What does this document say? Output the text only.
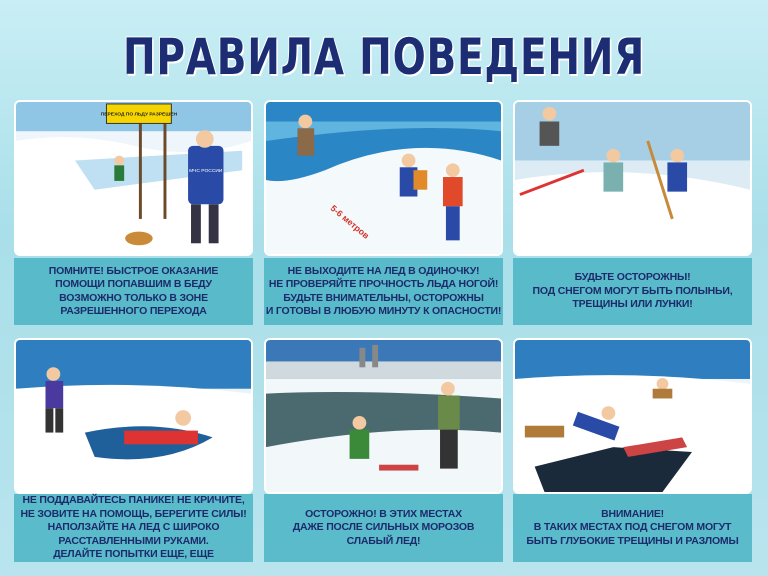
ПРАВИЛА ПОВЕДЕНИЯ
ПЕРЕХОД ПО ЛЬДУ РАЗРЕШЕН
МЧС РОССИИ
ПОМНИТЕ! БЫСТРОЕ ОКАЗАНИЕ
ПОМОЩИ ПОПАВШИМ В БЕДУ
ВОЗМОЖНО ТОЛЬКО В ЗОНЕ
РАЗРЕШЕННОГО ПЕРЕХОДА
5-6 метров
НЕ ВЫХОДИТЕ НА ЛЕД В ОДИНОЧКУ!
НЕ ПРОВЕРЯЙТЕ ПРОЧНОСТЬ ЛЬДА НОГОЙ!
БУДЬТЕ ВНИМАТЕЛЬНЫ, ОСТОРОЖНЫ
И ГОТОВЫ В ЛЮБУЮ МИНУТУ К ОПАСНОСТИ!
БУДЬТЕ ОСТОРОЖНЫ!
ПОД СНЕГОМ МОГУТ БЫТЬ ПОЛЫНЬИ,
ТРЕЩИНЫ ИЛИ ЛУНКИ!
НЕ ПОДДАВАЙТЕСЬ ПАНИКЕ! НЕ КРИЧИТЕ,
НЕ ЗОВИТЕ НА ПОМОЩЬ, БЕРЕГИТЕ СИЛЫ!
НАПОЛЗАЙТЕ НА ЛЕД С ШИРОКО
РАССТАВЛЕННЫМИ РУКАМИ.
ДЕЛАЙТЕ ПОПЫТКИ ЕЩЕ, ЕЩЕ
ОСТОРОЖНО! В ЭТИХ МЕСТАХ
ДАЖЕ ПОСЛЕ СИЛЬНЫХ МОРОЗОВ
СЛАБЫЙ ЛЕД!
ВНИМАНИЕ!
В ТАКИХ МЕСТАХ ПОД СНЕГОМ МОГУТ
БЫТЬ ГЛУБОКИЕ ТРЕЩИНЫ И РАЗЛОМЫ
